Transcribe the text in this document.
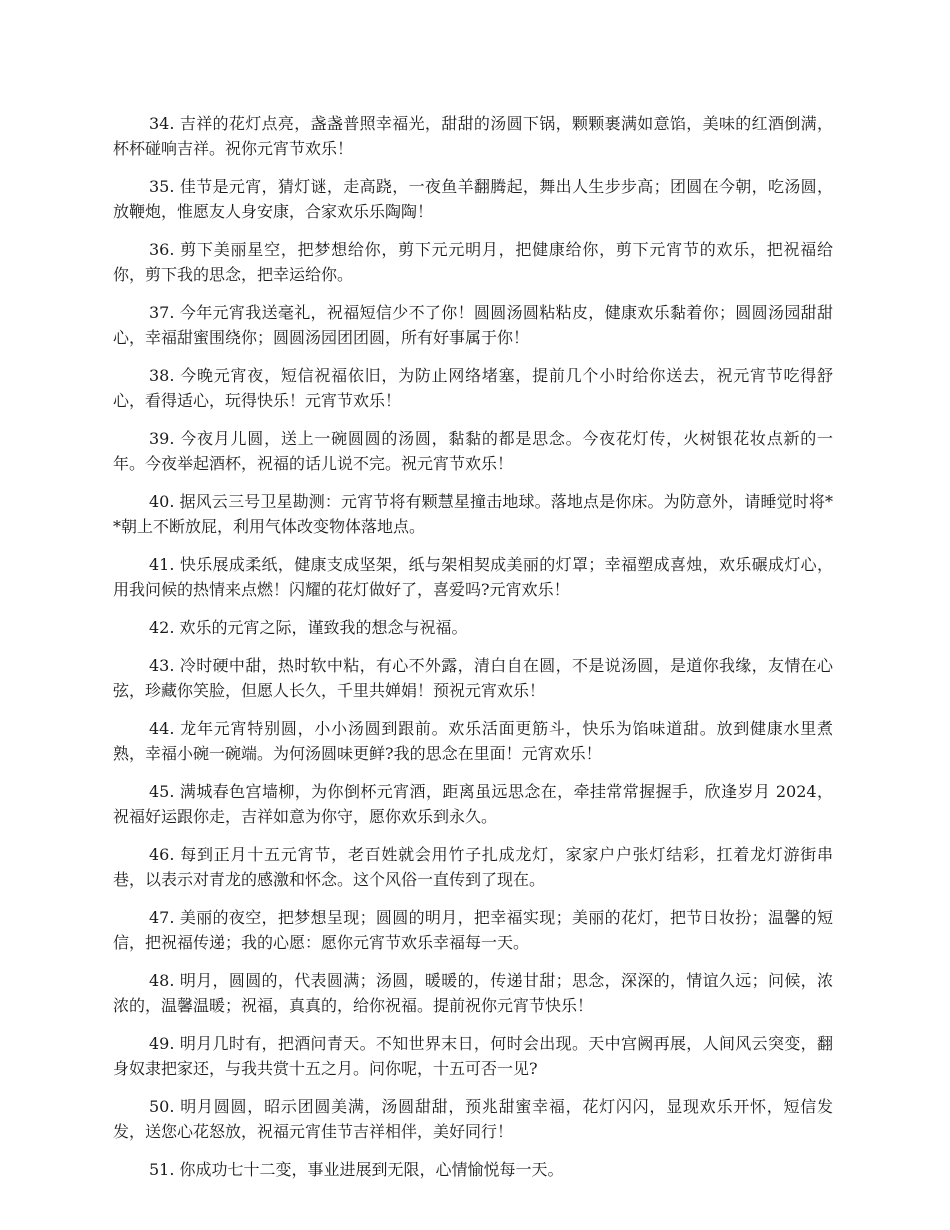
34. 吉祥的花灯点亮，盏盏普照幸福光，甜甜的汤圆下锅，颗颗裹满如意馅，美味的红酒倒满，杯杯碰响吉祥。祝你元宵节欢乐！

35. 佳节是元宵，猜灯谜，走高跷，一夜鱼羊翻腾起，舞出人生步步高；团圆在今朝，吃汤圆，放鞭炮，惟愿友人身安康，合家欢乐乐陶陶！

36. 剪下美丽星空，把梦想给你，剪下元元明月，把健康给你，剪下元宵节的欢乐，把祝福给你，剪下我的思念，把幸运给你。

37. 今年元宵我送毫礼，祝福短信少不了你！圆圆汤圆粘粘皮，健康欢乐黏着你；圆圆汤园甜甜心，幸福甜蜜围绕你；圆圆汤园团团圆，所有好事属于你！

38. 今晚元宵夜，短信祝福依旧，为防止网络堵塞，提前几个小时给你送去，祝元宵节吃得舒心，看得适心，玩得快乐！元宵节欢乐！

39. 今夜月儿圆，送上一碗圆圆的汤圆，黏黏的都是思念。今夜花灯传，火树银花妆点新的一年。今夜举起酒杯，祝福的话儿说不完。祝元宵节欢乐！

40. 据风云三号卫星勘测：元宵节将有颗慧星撞击地球。落地点是你床。为防意外，请睡觉时将**朝上不断放屁，利用气体改变物体落地点。

41. 快乐展成柔纸，健康支成坚架，纸与架相契成美丽的灯罩；幸福塑成喜烛，欢乐碾成灯心，用我问候的热情来点燃！闪耀的花灯做好了，喜爱吗?元宵欢乐！

42. 欢乐的元宵之际，谨致我的想念与祝福。

43. 冷时硬中甜，热时软中粘，有心不外露，清白自在圆，不是说汤圆，是道你我缘，友情在心弦，珍藏你笑脸，但愿人长久，千里共婵娟！预祝元宵欢乐！

44. 龙年元宵特别圆，小小汤圆到跟前。欢乐活面更筋斗，快乐为馅味道甜。放到健康水里煮熟，幸福小碗一碗端。为何汤圆味更鲜?我的思念在里面！元宵欢乐！

45. 满城春色宫墙柳，为你倒杯元宵酒，距离虽远思念在，牵挂常常握握手，欣逢岁月 2024，祝福好运跟你走，吉祥如意为你守，愿你欢乐到永久。

46. 每到正月十五元宵节，老百姓就会用竹子扎成龙灯，家家户户张灯结彩，扛着龙灯游街串巷，以表示对青龙的感激和怀念。这个风俗一直传到了现在。

47. 美丽的夜空，把梦想呈现；圆圆的明月，把幸福实现；美丽的花灯，把节日妆扮；温馨的短信，把祝福传递；我的心愿：愿你元宵节欢乐幸福每一天。

48. 明月，圆圆的，代表圆满；汤圆，暖暖的，传递甘甜；思念，深深的，情谊久远；问候，浓浓的，温馨温暖；祝福，真真的，给你祝福。提前祝你元宵节快乐！

49. 明月几时有，把酒问青天。不知世界末日，何时会出现。天中宫阙再展，人间风云突变，翻身奴隶把家还，与我共赏十五之月。问你呢，十五可否一见?

50. 明月圆圆，昭示团圆美满，汤圆甜甜，预兆甜蜜幸福，花灯闪闪，显现欢乐开怀，短信发发，送您心花怒放，祝福元宵佳节吉祥相伴，美好同行！

51. 你成功七十二变，事业进展到无限，心情愉悦每一天。
